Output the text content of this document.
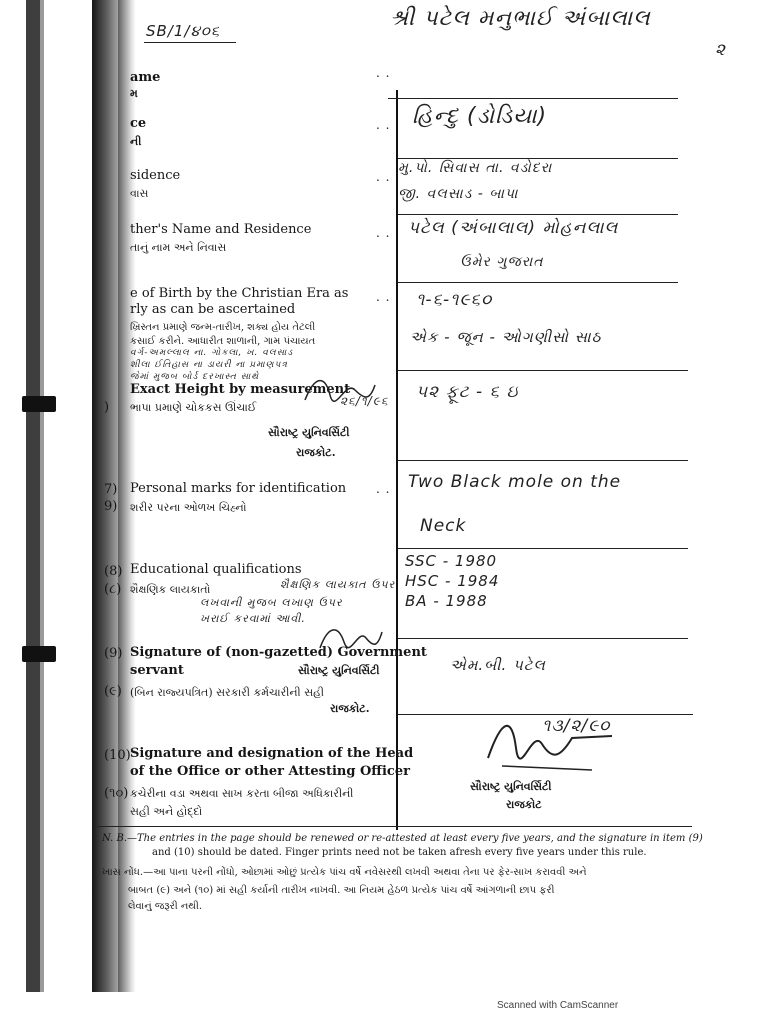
SB/1/૪૦૬	શ્રી પટેલ મનુભાઈ અંબાલાલ
૨
ame
મ
. .
ce
ની
. . હિન્દુ (ડોડિયા)
sidence
વાસ
. .
મુ.પો. સિવાસ તા. વડોદરા
જી. વલસાડ - બાપા
ther's Name and Residence
તાનું નામ અને નિવાસ
. . પટેલ (અંબાલાલ) મોહનલાલ
ઉમેર ગુજરાત
e of Birth by the Christian Era as
rly as can be ascertained
ખ્રિસ્તન પ્રમાણે જન્મ-તારીખ, શક્ય હોય તેટલી
કસાઈ કરીને. આધારીત શાળાની, ગામ પંચાયત
વર્ગ-અમલ્લાલ ના. ગોકલા, ખ. વલસાડ
શીલા ઈતિહાસ ના ડાયરી ના પ્રમાણપત્ર
જેમાં મુજબ બોર્ડ દરખાસ્ત સાથે
. . ૧-૬-૧૯૬૦
એક - જૂન - ઓગણીસો સાઠ
Exact Height by measurement
) ભાપા પ્રમાણે ચોકકસ ઊંચાઈ
૫૨ ફૂટ - ૬ ઇ
૨૬/૧/૯૬
સૌરાષ્ટ્ર યુનિવર્સિટી
રાજકોટ.
7) Personal marks for identification
9) શરીર પરના ઓળખ ચિહ્નો
. . Two Black mole on the
Neck
(8) Educational qualifications
(૮) શૈક્ષણિક લાયકાતો	શૈક્ષણિક લાયકાત ઉપર
લખવાની મુજબ લખાણ ઉપર
ખરાઈ કરવામાં આવી.
SSC - 1980
HSC - 1984
BA - 1988
(9) Signature of (non-gazetted) Government
servant
(૯) (બિન રાજ્યપત્રિત) સરકારી કર્મચારીની સહી
સૌરાષ્ટ્ર યુનિવર્સિટી
રાજકોટ.
એમ.બી. પટેલ
(10) Signature and designation of the Head
of the Office or other Attesting Officer
(૧૦) કચેરીના વડા અથવા સાખ કરતા બીજા અધિકારીની
સહી અને હોદ્દો
૧૩/૨/૯૦
સૌરાષ્ટ્ર યુનિવર્સિટી
રાજકોટ
N. B.—The entries in the page should be renewed or re-attested at least every five years, and the signature in item (9)
and (10) should be dated. Finger prints need not be taken afresh every five years under this rule.
ખાસ નોંધ.—આ પાના પરની નોંધો, ઓછામાં ઓછું પ્રત્યેક પાંચ વર્ષે નવેસરથી લખવી અથવા તેના પર ફેર-સાખ કરાવવી અને
બાબત (૯) અને (૧૦) માં સહી કર્યાની તારીખ નાખવી. આ નિયમ હેઠળ પ્રત્યેક પાંચ વર્ષે આંગળાની છાપ ફરી
લેવાનું જરૂરી નથી.
Scanned with CamScanner
